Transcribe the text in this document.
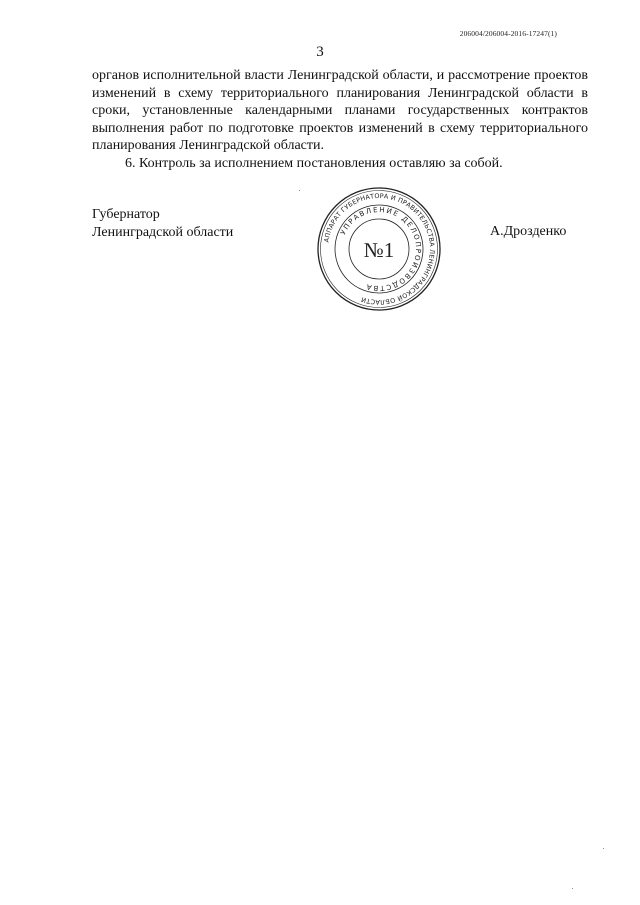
206004/206004-2016-17247(1)
3

органов исполнительной власти Ленинградской области, и рассмотрение проектов изменений в схему территориального планирования Ленинградской области в сроки, установленные календарными планами государственных контрактов выполнения работ по подготовке проектов изменений в схему территориального планирования Ленинградской области.

6. Контроль за исполнением постановления оставляю за собой.

Губернатор
Ленинградской области
АППАРАТ ГУБЕРНАТОРА И ПРАВИТЕЛЬСТВА ЛЕНИНГРАДСКОЙ ОБЛАСТИ
УПРАВЛЕНИЕ ДЕЛОПРОИЗВОДСТВА
№1
А.Дрозденко
